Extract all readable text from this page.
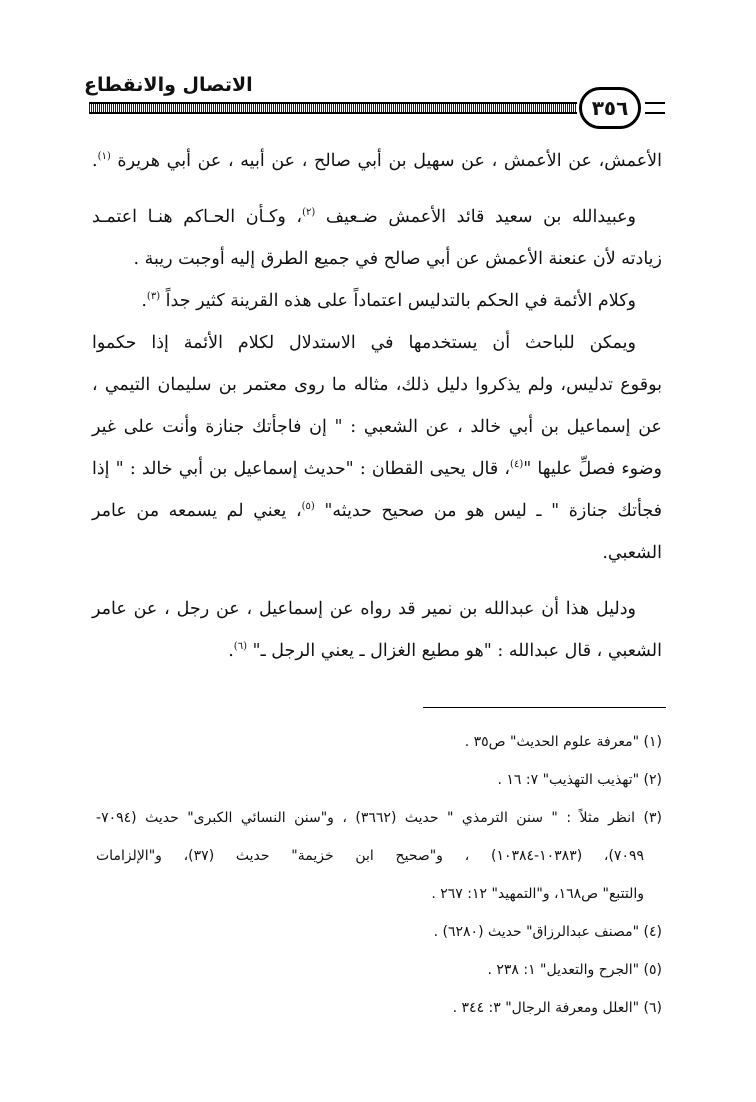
الاتصال والانقطاع
٣٥٦
الأعمش، عن الأعمش ، عن سهيل بن أبي صالح ، عن أبيه ، عن أبي هريرة $^{(١)}$.
وعبيدالله بن سعيد قائد الأعمش ضـعيف $^{(٢)}$، وكـأن الحـاكم هنـا اعتمـد
زيادته لأن عنعنة الأعمش عن أبي صالح في جميع الطرق إليه أوجبت ريبة .
وكلام الأئمة في الحكم بالتدليس اعتماداً على هذه القرينة كثير جداً $^{(٣)}$.
ويمكن للباحث أن يستخدمها في الاستدلال لكلام الأئمة إذا حكموا
بوقوع تدليس، ولم يذكروا دليل ذلك، مثاله ما روى معتمر بن سليمان التيمي ،
عن إسماعيل بن أبي خالد ، عن الشعبي : " إن فاجأتك جنازة وأنت على غير
وضوء فصلِّ عليها "$^{(٤)}$، قال يحيى القطان : "حديث إسماعيل بن أبي خالد : " إذا
فجأتك جنازة " ـ ليس هو من صحيح حديثه" $^{(٥)}$، يعني لم يسمعه من عامر
الشعبي.
ودليل هذا أن عبدالله بن نمير قد رواه عن إسماعيل ، عن رجل ، عن عامر
الشعبي ، قال عبدالله : "هو مطيع الغزال ـ يعني الرجل ـ" $^{(٦)}$.
(١) "معرفة علوم الحديث" ص٣٥ .
(٢) "تهذيب التهذيب" ٧: ١٦ .
(٣) انظر مثلاً : " سنن الترمذي " حديث (٣٦٦٢) ، و"سنن النسائي الكبرى" حديث (٧٠٩٤-
٧٠٩٩)، (١٠٣٨٣-١٠٣٨٤) ، و"صحيح ابن خزيمة" حديث (٣٧)، و"الإلزامات
والتتبع" ص١٦٨، و"التمهيد" ١٢: ٢٦٧ .
(٤) "مصنف عبدالرزاق" حديث (٦٢٨٠) .
(٥) "الجرح والتعديل" ١: ٢٣٨ .
(٦) "العلل ومعرفة الرجال" ٣: ٣٤٤ .
